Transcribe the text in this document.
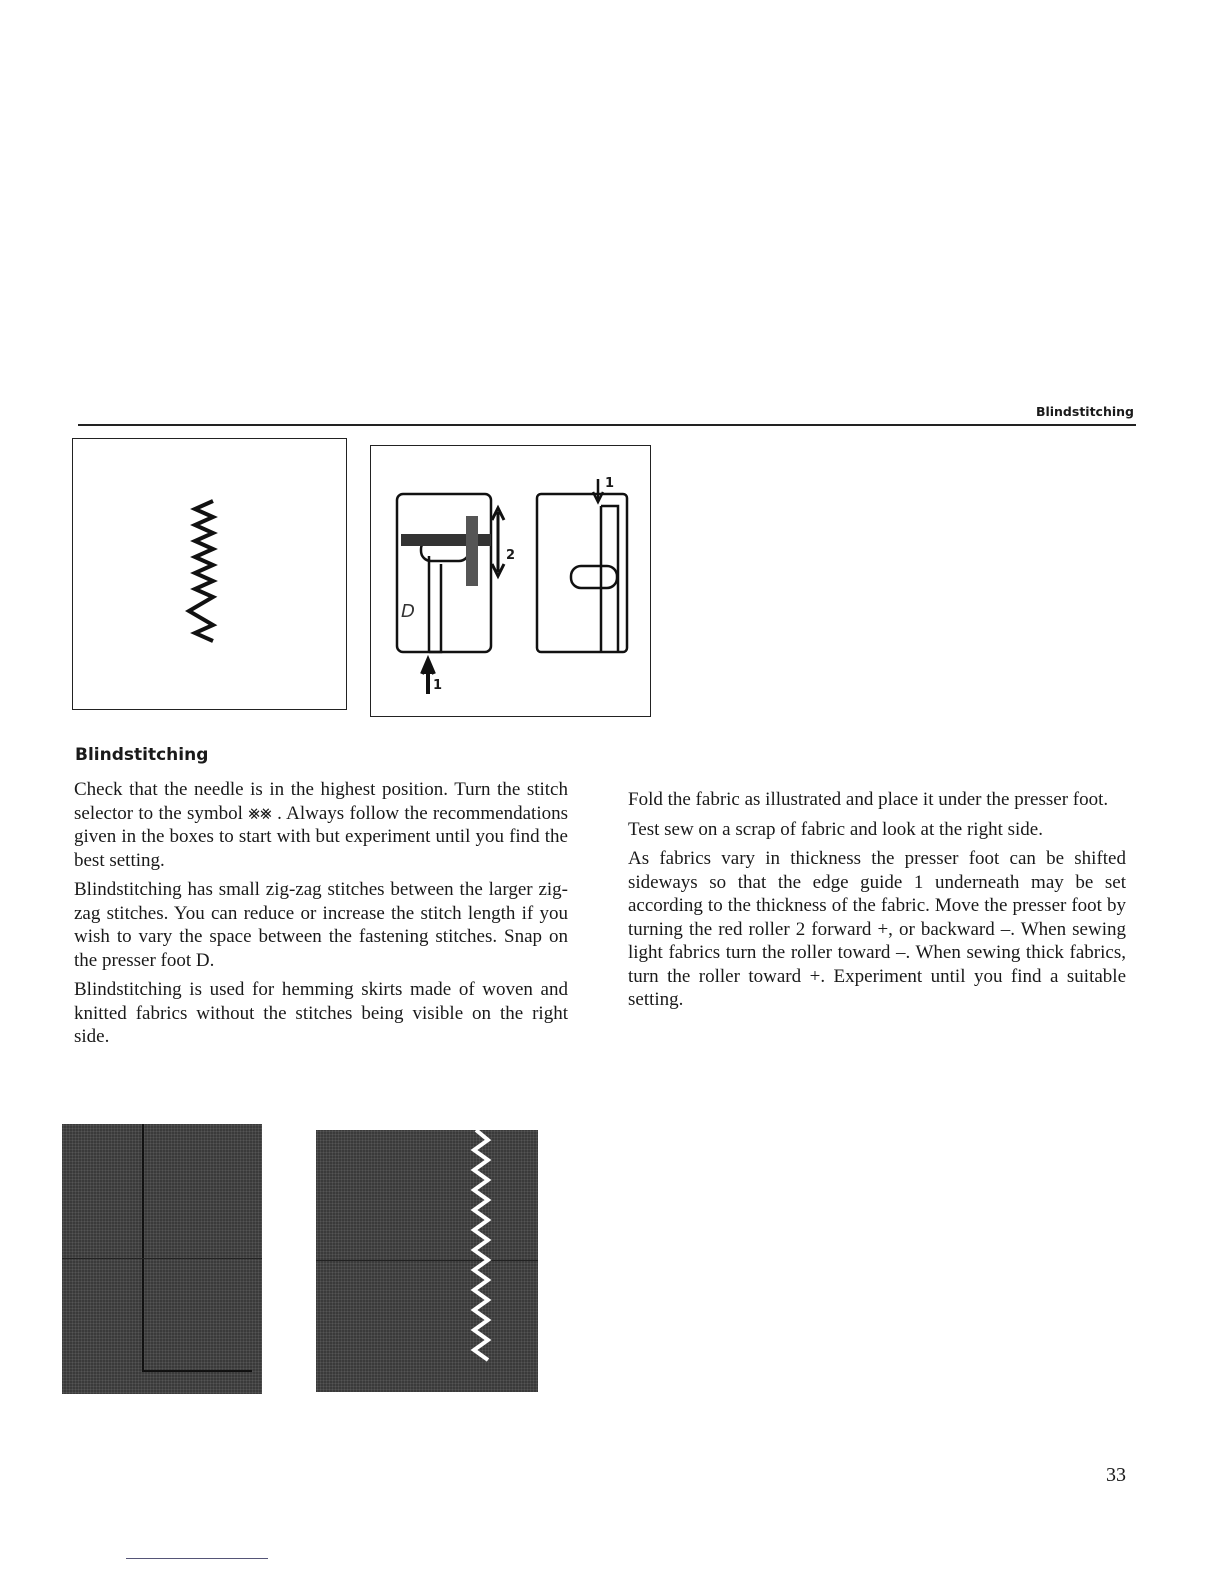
Blindstitching
2
1
1
D
Blindstitching

Check that the needle is in the highest position. Turn the stitch selector to the symbol ⨳⨳ . Always follow the recommendations given in the boxes to start with but experiment until you find the best setting.

Blindstitching has small zig-zag stitches between the larger zig-zag stitches. You can reduce or increase the stitch length if you wish to vary the space between the fastening stitches. Snap on the presser foot D.

Blindstitching is used for hemming skirts made of woven and knitted fabrics without the stitches being visible on the right side.

Fold the fabric as illustrated and place it under the presser foot.

Test sew on a scrap of fabric and look at the right side.

As fabrics vary in thickness the presser foot can be shifted sideways so that the edge guide 1 underneath may be set according to the thickness of the fabric. Move the presser foot by turning the red roller 2 forward +, or backward –. When sewing light fabrics turn the roller toward –. When sewing thick fabrics, turn the roller toward +. Experiment until you find a suitable setting.

33
